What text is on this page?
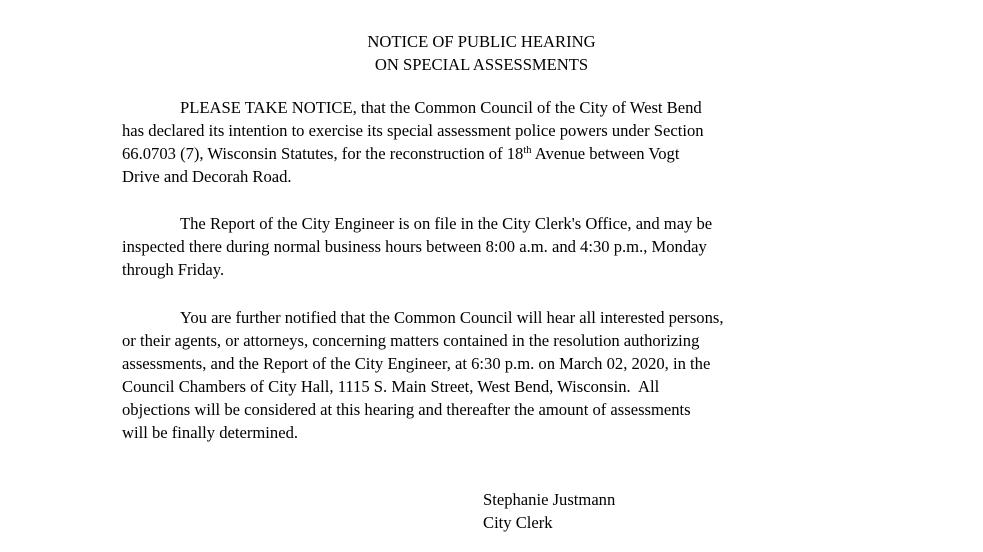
NOTICE OF PUBLIC HEARING
ON SPECIAL ASSESSMENTS
PLEASE TAKE NOTICE, that the Common Council of the City of West Bend
has declared its intention to exercise its special assessment police powers under Section
66.0703 (7), Wisconsin Statutes, for the reconstruction of 18th Avenue between Vogt
Drive and Decorah Road.
The Report of the City Engineer is on file in the City Clerk's Office, and may be
inspected there during normal business hours between 8:00 a.m. and 4:30 p.m., Monday
through Friday.
You are further notified that the Common Council will hear all interested persons,
or their agents, or attorneys, concerning matters contained in the resolution authorizing
assessments, and the Report of the City Engineer, at 6:30 p.m. on March 02, 2020, in the
Council Chambers of City Hall, 1115 S. Main Street, West Bend, Wisconsin.  All
objections will be considered at this hearing and thereafter the amount of assessments
will be finally determined.
Stephanie Justmann
City Clerk
